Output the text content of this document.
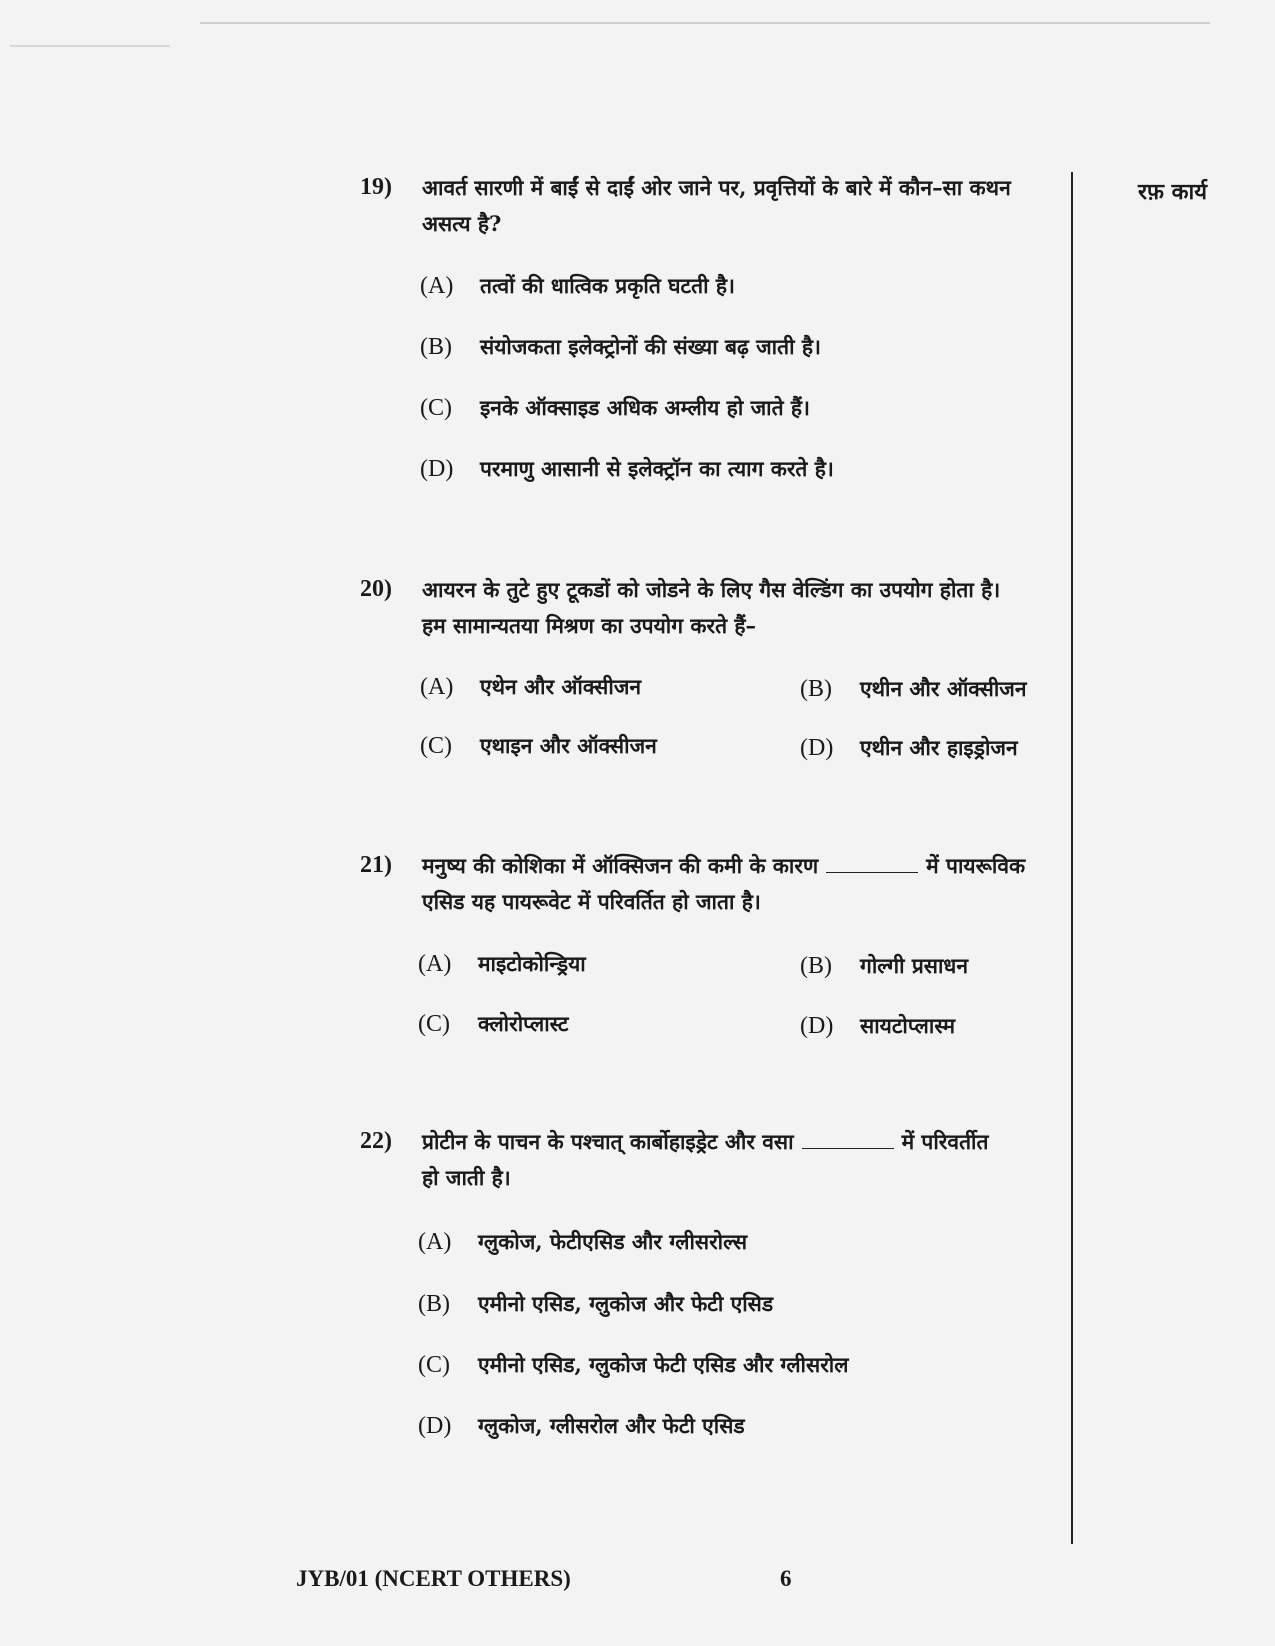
रफ़ कार्य
19) आवर्त सारणी में बाईं से दाईं ओर जाने पर, प्रवृत्तियों के बारे में कौन–सा कथन
असत्य है?
(A) तत्वों की धात्विक प्रकृति घटती है।
(B) संयोजकता इलेक्ट्रोनों की संख्या बढ़ जाती है।
(C) इनके ऑक्साइड अधिक अम्लीय हो जाते हैं।
(D) परमाणु आसानी से इलेक्ट्रॉन का त्याग करते है।
20) आयरन के तुटे हुए टूकडों को जोडने के लिए गैस वेल्डिंग का उपयोग होता है।
हम सामान्यतया मिश्रण का उपयोग करते हैं–
(A) एथेन और ऑक्सीजन	(B) एथीन और ऑक्सीजन
(C) एथाइन और ऑक्सीजन	(D) एथीन और हाइड्रोजन
21) मनुष्य की कोशिका में ऑक्सिजन की कमी के कारण	में पायरूविक
एसिड यह पायरूवेट में परिवर्तित हो जाता है।
(A) माइटोकोन्ड्रिया	(B) गोल्गी प्रसाधन
(C) क्लोरोप्लास्ट	(D) सायटोप्लास्म
22) प्रोटीन के पाचन के पश्चात् कार्बोहाइड्रेट और वसा	में परिवर्तीत
हो जाती है।
(A) ग्लुकोज, फेटीएसिड और ग्लीसरोल्स
(B) एमीनो एसिड, ग्लुकोज और फेटी एसिड
(C) एमीनो एसिड, ग्लुकोज फेटी एसिड और ग्लीसरोल
(D) ग्लुकोज, ग्लीसरोल और फेटी एसिड
JYB/01 (NCERT OTHERS)	6
